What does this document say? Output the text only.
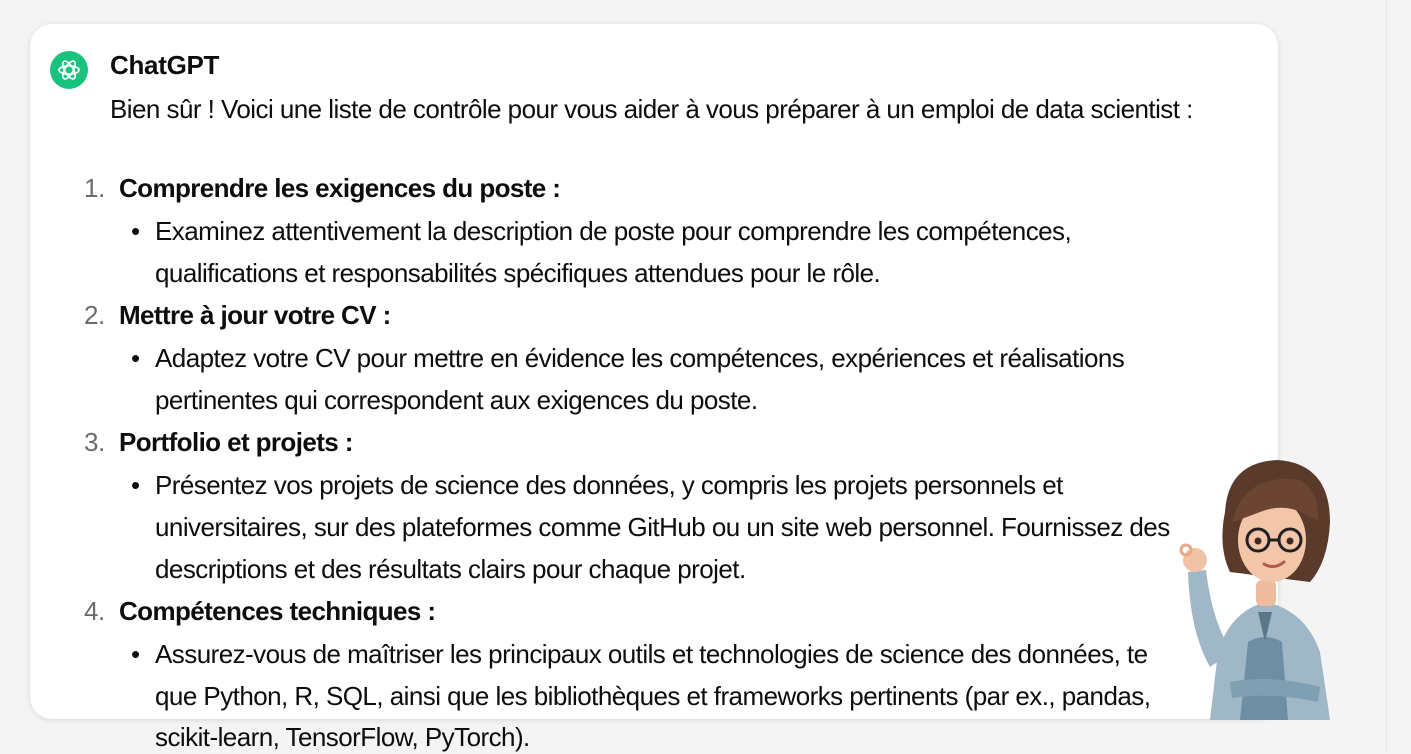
ChatGPT
Bien sûr ! Voici une liste de contrôle pour vous aider à vous préparer à un emploi de data scientist :
1. Comprendre les exigences du poste :
• Examinez attentivement la description de poste pour comprendre les compétences,
qualifications et responsabilités spécifiques attendues pour le rôle.
2. Mettre à jour votre CV :
• Adaptez votre CV pour mettre en évidence les compétences, expériences et réalisations
pertinentes qui correspondent aux exigences du poste.
3. Portfolio et projets :
• Présentez vos projets de science des données, y compris les projets personnels et
universitaires, sur des plateformes comme GitHub ou un site web personnel. Fournissez des
descriptions et des résultats clairs pour chaque projet.
4. Compétences techniques :
• Assurez-vous de maîtriser les principaux outils et technologies de science des données, te
que Python, R, SQL, ainsi que les bibliothèques et frameworks pertinents (par ex., pandas,
scikit-learn, TensorFlow, PyTorch).
